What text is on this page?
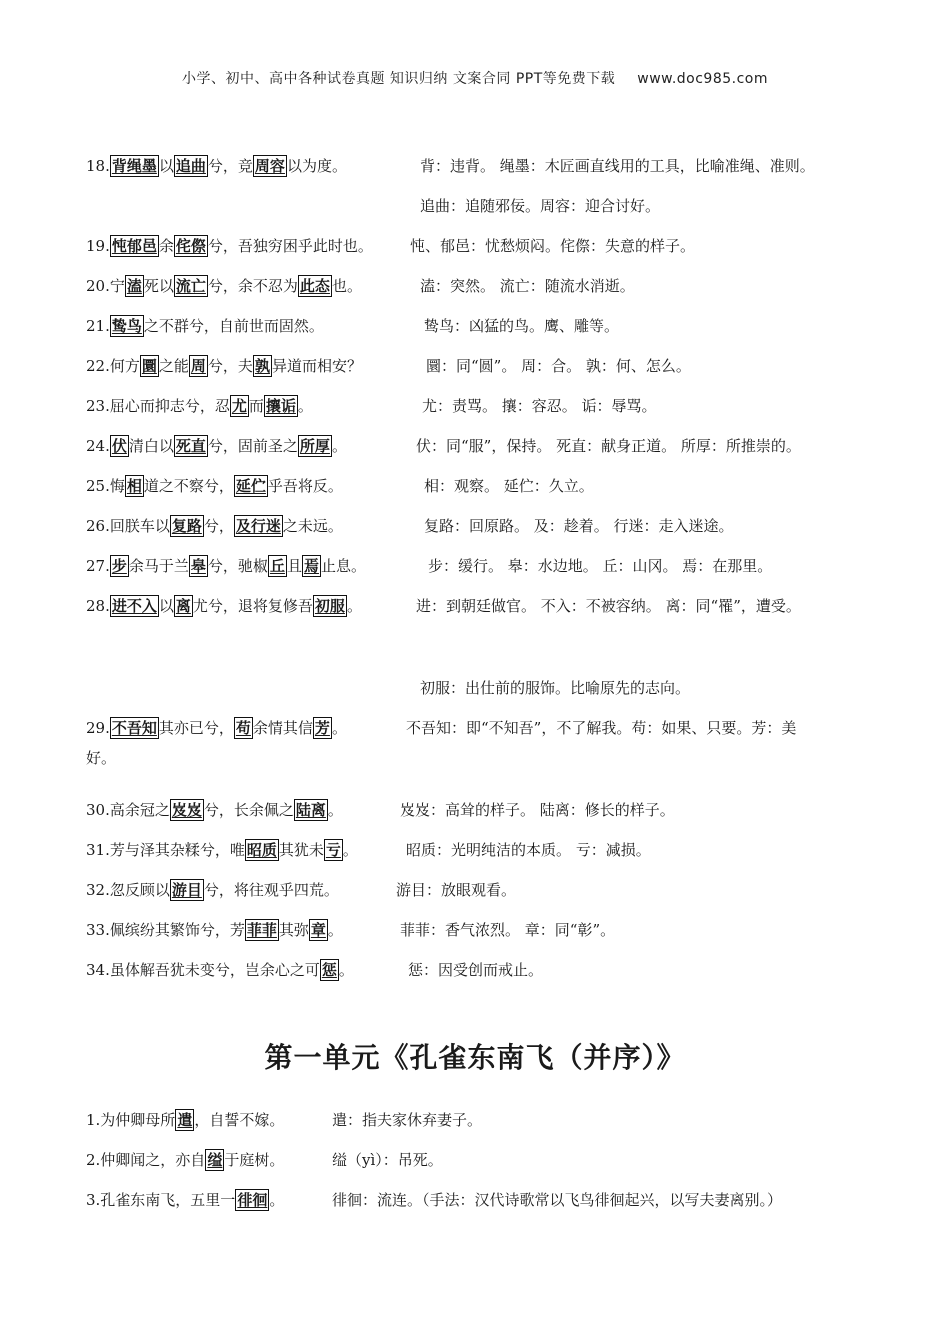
小学、初中、高中各种试卷真题 知识归纳 文案合同 PPT等免费下载 www.doc985.com
18. 背绳墨 以 追曲 兮，竞 周容 以为度。	背：违背。 绳墨：木匠画直线用的工具，比喻准绳、准则。
追曲：追随邪佞。周容：迎合讨好。
19. 忳郁邑 余 侘傺 兮，吾独穷困乎此时也。 忳、郁邑：忧愁烦闷。侘傺：失意的样子。
20.宁 溘 死以 流亡 兮，余不忍为 此态 也。	溘：突然。 流亡：随流水消逝。
21. 鸷鸟 之不群兮，自前世而固然。	鸷鸟：凶猛的鸟。鹰、雕等。
22.何方 圜 之能 周 兮，夫 孰 异道而相安？	圜：同“圆”。 周：合。 孰：何、怎么。
23.屈心而抑志兮，忍 尤 而 攘诟 。	尤：责骂。 攘：容忍。 诟：辱骂。
24. 伏 清白以 死直 兮，固前圣之 所厚 。	伏：同“服”，保持。 死直：献身正道。 所厚：所推崇的。
25.悔 相 道之不察兮， 延伫 乎吾将反。	相：观察。 延伫：久立。
26.回朕车以 复路 兮， 及行迷 之未远。	复路：回原路。 及：趁着。 行迷：走入迷途。
27. 步 余马于兰 皋 兮，驰椒 丘 且 焉 止息。	步：缓行。 皋：水边地。 丘：山冈。 焉：在那里。
28. 进不入 以 离 尤兮，退将复修吾 初服 。	进：到朝廷做官。 不入：不被容纳。 离：同“罹”，遭受。
初服：出仕前的服饰。比喻原先的志向。
29. 不吾知 其亦已兮， 苟 余情其信 芳 。	不吾知：即“不知吾”，不了解我。苟：如果、只要。芳：美
好。
30.高余冠之 岌岌 兮，长余佩之 陆离 。	岌岌：高耸的样子。 陆离：修长的样子。
31.芳与泽其杂糅兮，唯 昭质 其犹未 亏 。	昭质：光明纯洁的本质。 亏：减损。
32.忽反顾以 游目 兮，将往观乎四荒。	游目：放眼观看。
33.佩缤纷其繁饰兮，芳 菲菲 其弥 章 。	菲菲：香气浓烈。 章：同“彰”。
34.虽体解吾犹未变兮，岂余心之可 惩 。	惩：因受创而戒止。
第一单元《孔雀东南飞（并序）》
1.为仲卿母所 遣 ，自誓不嫁。	遣：指夫家休弃妻子。
2.仲卿闻之，亦自 缢 于庭树。	缢（yì）：吊死。
3.孔雀东南飞，五里一 徘徊 。	徘徊：流连。（手法：汉代诗歌常以飞鸟徘徊起兴，以写夫妻离别。）
